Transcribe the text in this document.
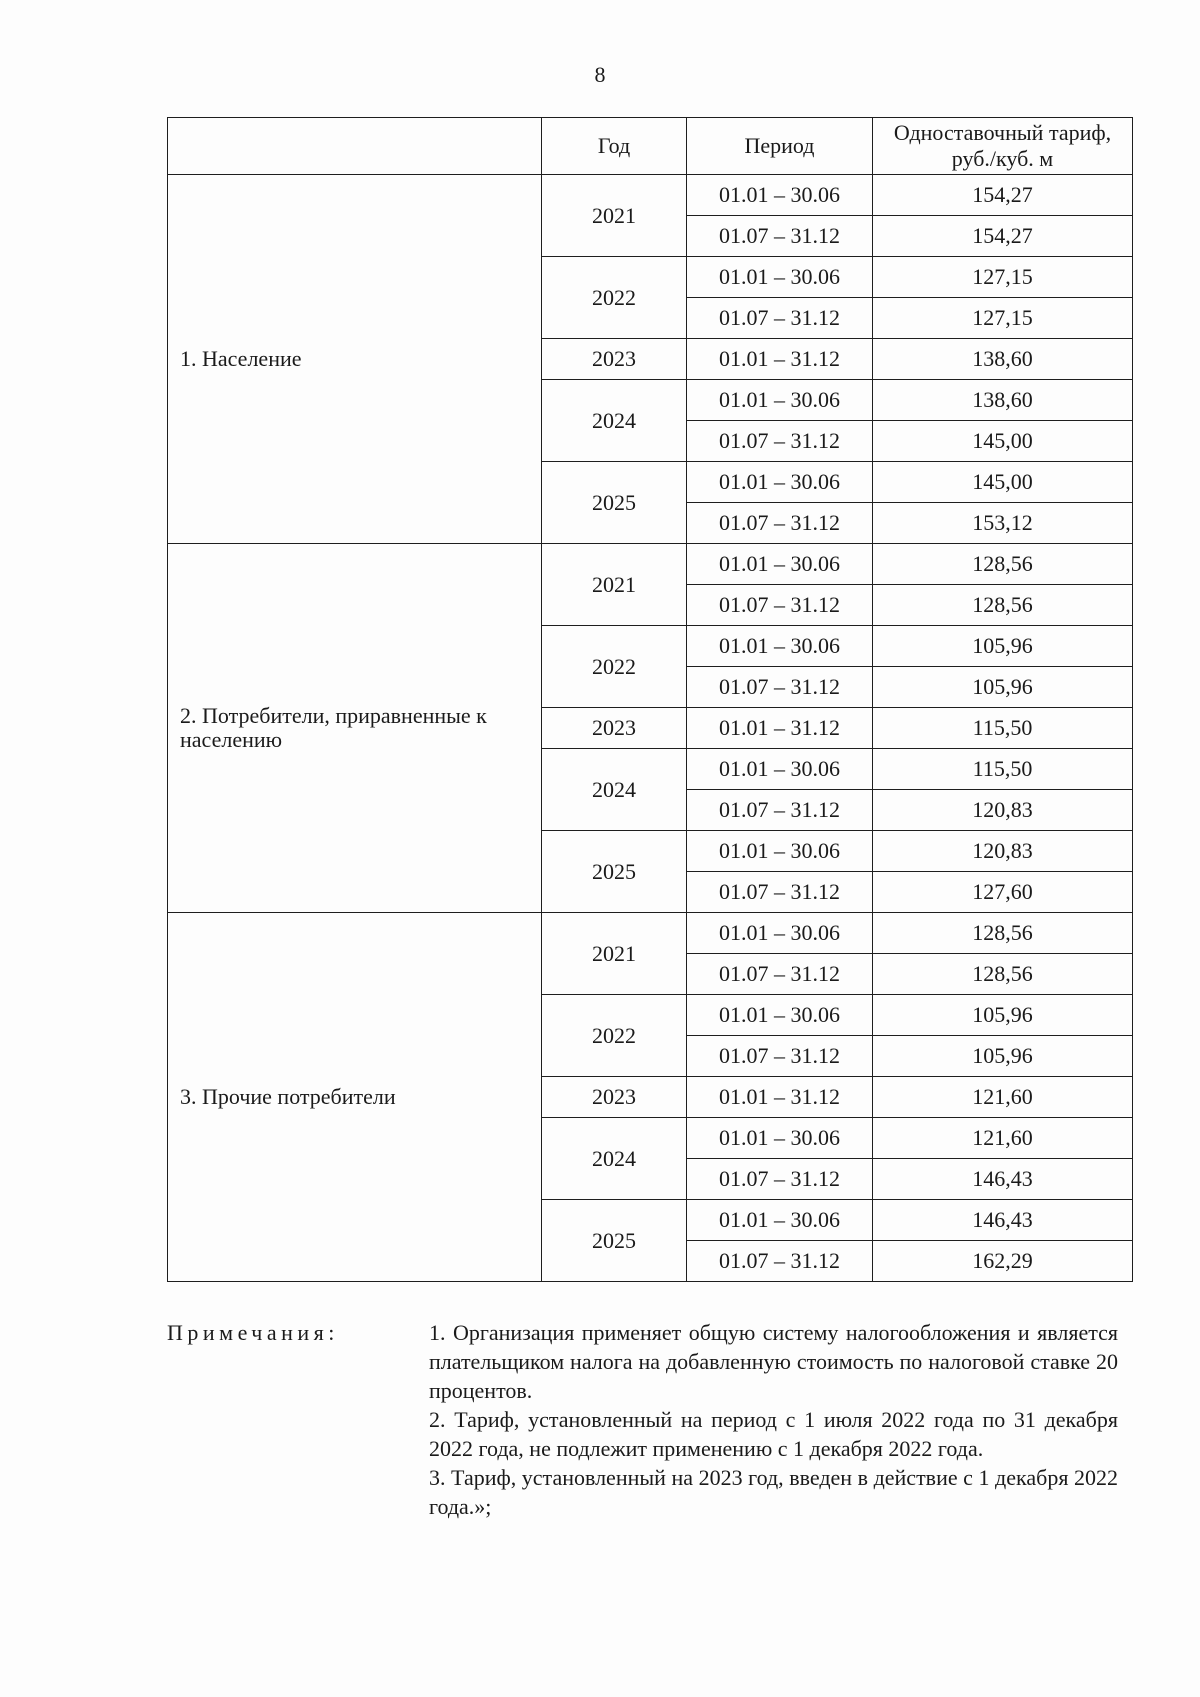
8
	Год	Период	Одноставочный тариф, руб./куб. м
1. Население	2021	01.01 – 30.06	154,27
		01.07 – 31.12	154,27
	2022	01.01 – 30.06	127,15
		01.07 – 31.12	127,15
	2023	01.01 – 31.12	138,60
	2024	01.01 – 30.06	138,60
		01.07 – 31.12	145,00
	2025	01.01 – 30.06	145,00
		01.07 – 31.12	153,12
2. Потребители, приравненные к населению	2021	01.01 – 30.06	128,56
		01.07 – 31.12	128,56
	2022	01.01 – 30.06	105,96
		01.07 – 31.12	105,96
	2023	01.01 – 31.12	115,50
	2024	01.01 – 30.06	115,50
		01.07 – 31.12	120,83
	2025	01.01 – 30.06	120,83
		01.07 – 31.12	127,60
3. Прочие потребители	2021	01.01 – 30.06	128,56
		01.07 – 31.12	128,56
	2022	01.01 – 30.06	105,96
		01.07 – 31.12	105,96
	2023	01.01 – 31.12	121,60
	2024	01.01 – 30.06	121,60
		01.07 – 31.12	146,43
	2025	01.01 – 30.06	146,43
		01.07 – 31.12	162,29
Примечания:	1. Организация применяет общую систему налогообложения и является плательщиком налога на добавленную стоимость по налоговой ставке 20 процентов.

2. Тариф, установленный на период с 1 июля 2022 года по 31 декабря 2022 года, не подлежит применению с 1 декабря 2022 года.

3. Тариф, установленный на 2023 год, введен в действие с 1 декабря 2022 года.»;
